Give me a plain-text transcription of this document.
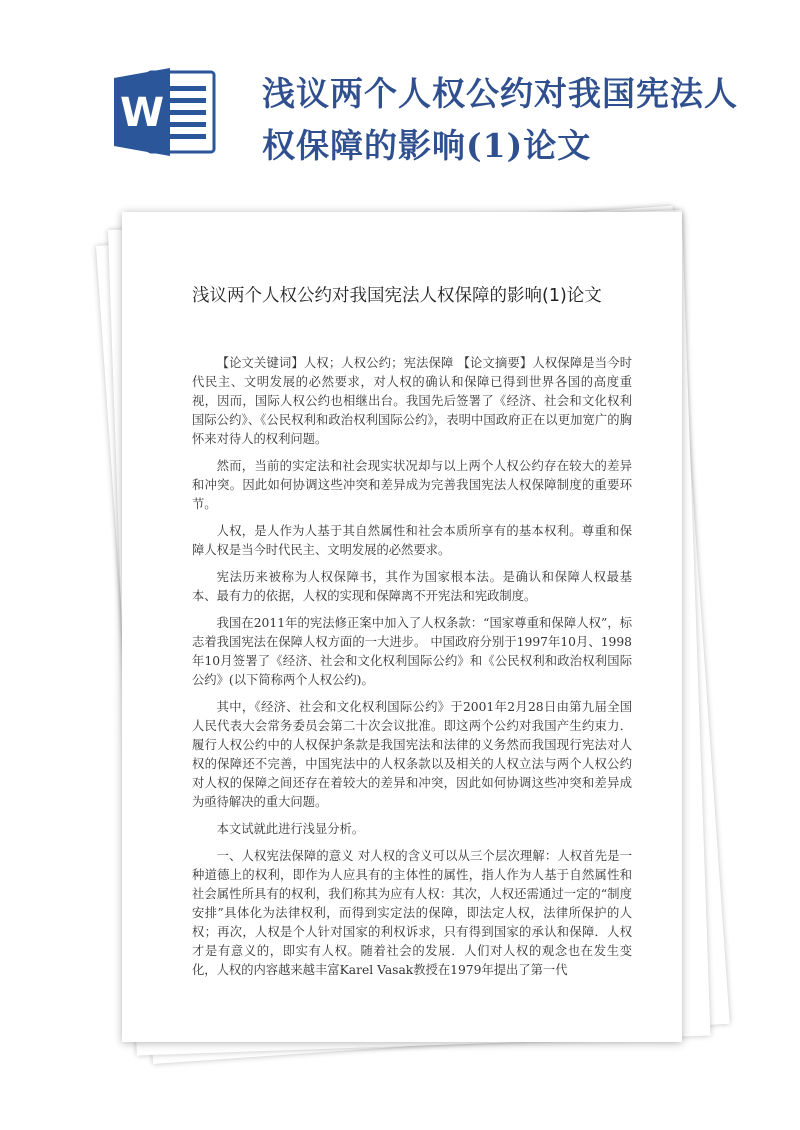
W	浅议两个人权公约对我国宪法人权保障的影响(1)论文
浅议两个人权公约对我国宪法人权保障的影响(1)论文

【论文关键词】人权；人权公约；宪法保障 【论文摘要】人权保障是当今时代民主、文明发展的必然要求，对人权的确认和保障已得到世界各国的高度重视，因而，国际人权公约也相继出台。我国先后签署了《经济、社会和文化权利国际公约》、《公民权利和政治权利国际公约》，表明中国政府正在以更加宽广的胸怀来对待人的权利问题。

然而，当前的实定法和社会现实状况却与以上两个人权公约存在较大的差异和冲突。因此如何协调这些冲突和差异成为完善我国宪法人权保障制度的重要环节。

人权，是人作为人基于其自然属性和社会本质所享有的基本权利。尊重和保障人权是当今时代民主、文明发展的必然要求。

宪法历来被称为人权保障书，其作为国家根本法。是确认和保障人权最基本、最有力的依据，人权的实现和保障离不开宪法和宪政制度。

我国在2011年的宪法修正案中加入了人权条款：“国家尊重和保障人权”，标志着我国宪法在保障人权方面的一大进步。 中国政府分别于1997年10月、1998年10月签署了《经济、社会和文化权利国际公约》和《公民权利和政治权利国际公约》(以下简称两个人权公约)。

其中，《经济、社会和文化权利国际公约》于2001年2月28日由第九届全国人民代表大会常务委员会第二十次会议批准。即这两个公约对我国产生约束力．履行人权公约中的人权保护条款是我国宪法和法律的义务然而我国现行宪法对人权的保障还不完善，中国宪法中的人权条款以及相关的人权立法与两个人权公约对人权的保障之间还存在着较大的差异和冲突，因此如何协调这些冲突和差异成为亟待解决的重大问题。

本文试就此进行浅显分析。

一、人权宪法保障的意义 对人权的含义可以从三个层次理解：人权首先是一种道德上的权利，即作为人应具有的主体性的属性，指人作为人基于自然属性和社会属性所具有的权利，我们称其为应有人权：其次，人权还需通过一定的“制度安排”具体化为法律权利，而得到实定法的保障，即法定人权，法律所保护的人权；再次，人权是个人针对国家的利权诉求，只有得到国家的承认和保障．人权才是有意义的，即实有人权。随着社会的发展．人们对人权的观念也在发生变化，人权的内容越来越丰富Karel Vasak教授在1979年提出了第一代
